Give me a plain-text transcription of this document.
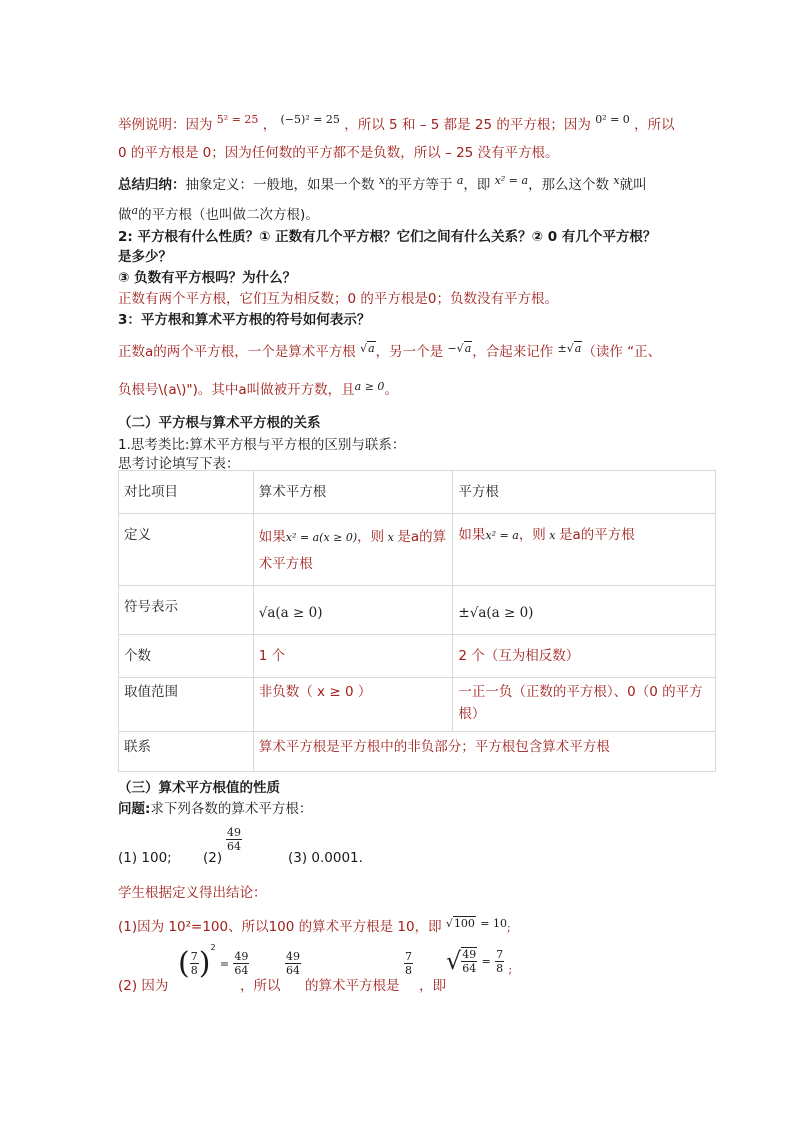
举例说明：因为 $^{5^2 = 25}$ ， $^{(-5)^2 = 25}$ ，所以 5 和 – 5 都是 25 的平方根；因为 $^{0^2 = 0}$ ，所以
0 的平方根是 0；因为任何数的平方都不是负数，所以 – 25 没有平方根。
总结归纳：抽象定义：一般地，如果一个数 $^x$的平方等于 $^a$，即 $^{x^2 = a}$，那么这个数 $^x$就叫
做$^a$的平方根（也叫做二次方根)。
2: 平方根有什么性质？① 正数有几个平方根？它们之间有什么关系？② 0 有几个平方根？
是多少？
③ 负数有平方根吗？为什么？
正数有两个平方根，它们互为相反数；0 的平方根是0；负数没有平方根。
3：平方根和算术平方根的符号如何表示？
正数a的两个平方根，一个是算术平方根 √a，另一个是 −√a，合起来记作 ±√a（读作 “正、
负根号\(a\)")。其中a叫做被开方数，且$^{a \ge 0}$。
（二）平方根与算术平方根的关系
1.思考类比:算术平方根与平方根的区别与联系：
思考讨论填写下表：
对比项目	算术平方根	平方根
定义	如果x² = a(x ≥ 0)，则 x 是a的算
术平方根	如果x² = a，则 x 是a的平方根
符号表示	√a(a ≥ 0)	±√a(a ≥ 0)
个数	1 个	2 个（互为相反数）
取值范围	非负数（ x ≥ 0 ）	一正一负（正数的平方根）、0（0 的平方
根）
联系	算术平方根是平方根中的非负部分；平方根包含算术平方根	
（三）算术平方根值的性质
问题:求下列各数的算术平方根：
(1) 100; (2)
$\frac{49}{64}$
(3) 0.0001.
学生根据定义得出结论：
(1)因为 10²=100、所以100 的算术平方根是 10，即 √100 $^{= 10}$;
(2) 因为
( $\frac{7}{8} )^2 = \frac{49}{64}$
，所以
$\frac{49}{64}$
的算术平方根是
$\frac{7}{8}$
，即
√ $\frac{49}{64} = \frac{7}{8} _;$
